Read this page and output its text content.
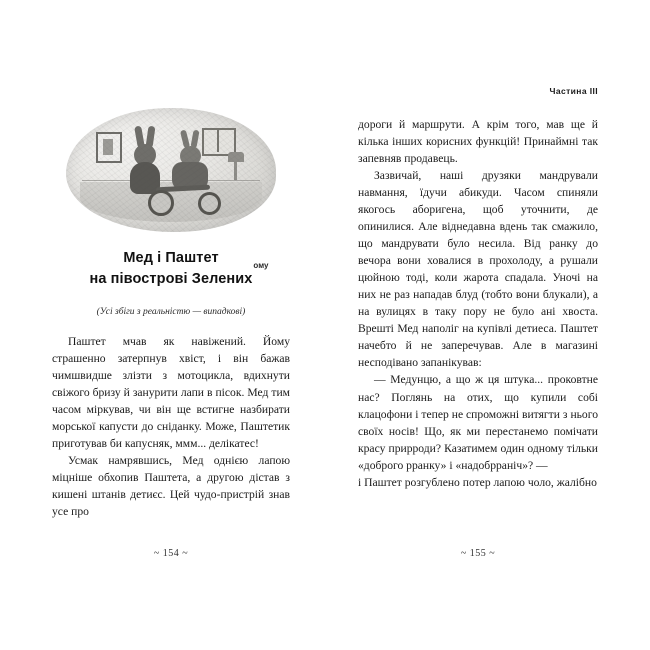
Мед і Паштет
на півострові Зелених
ому
(Усі збіги з реальністю — випадкові)

Паштет мчав як навіжений. Йому страшенно затерпнув хвіст, і він бажав чимшвидше злізти з мотоцикла, вдихнути свіжого бризу й занурити лапи в пісок. Мед тим часом міркував, чи він ще встигне назбирати морської капусти до сніданку. Може, Паштетик приготував би капусняк, ммм... делікатес!

Усмак намрявшись, Мед однією лапою міцніше обхопив Паштета, а другою дістав з кишені штанів детиєс. Цей чудо-пристрій знав усе про

Частина III

дороги й маршрути. А крім того, мав ще й кілька інших корисних функцій! Принаймні так запевняв продавець.

Зазвичай, наші друзяки мандрували навмання, їдучи абикуди. Часом спиняли якогось аборигена, щоб уточнити, де опинилися. Але віднедавна вдень так смажило, що мандрувати було несила. Від ранку до вечора вони ховалися в прохолоду, а рушали цюйною тоді, коли жарота спадала. Уночі на них не раз нападав блуд (тобто вони блукали), а на вулицях в таку пору не було ані хвоста. Врешті Мед наполіг на купівлі детиеса. Паштет начебто й не заперечував. Але в магазині несподівано запанікував:

— Медунцю, а що ж ця штука... проковтне нас? Поглянь на отих, що купили собі клацофони і тепер не спроможні витягти з нього своїх носів! Що, як ми перестанемо помічати красу прирроди? Казатимем один одному тільки «доброго рранку» і «надобрраніч»? —

і Паштет розгублено потер лапою чоло, жалібно

~ 154 ~	~ 155 ~
